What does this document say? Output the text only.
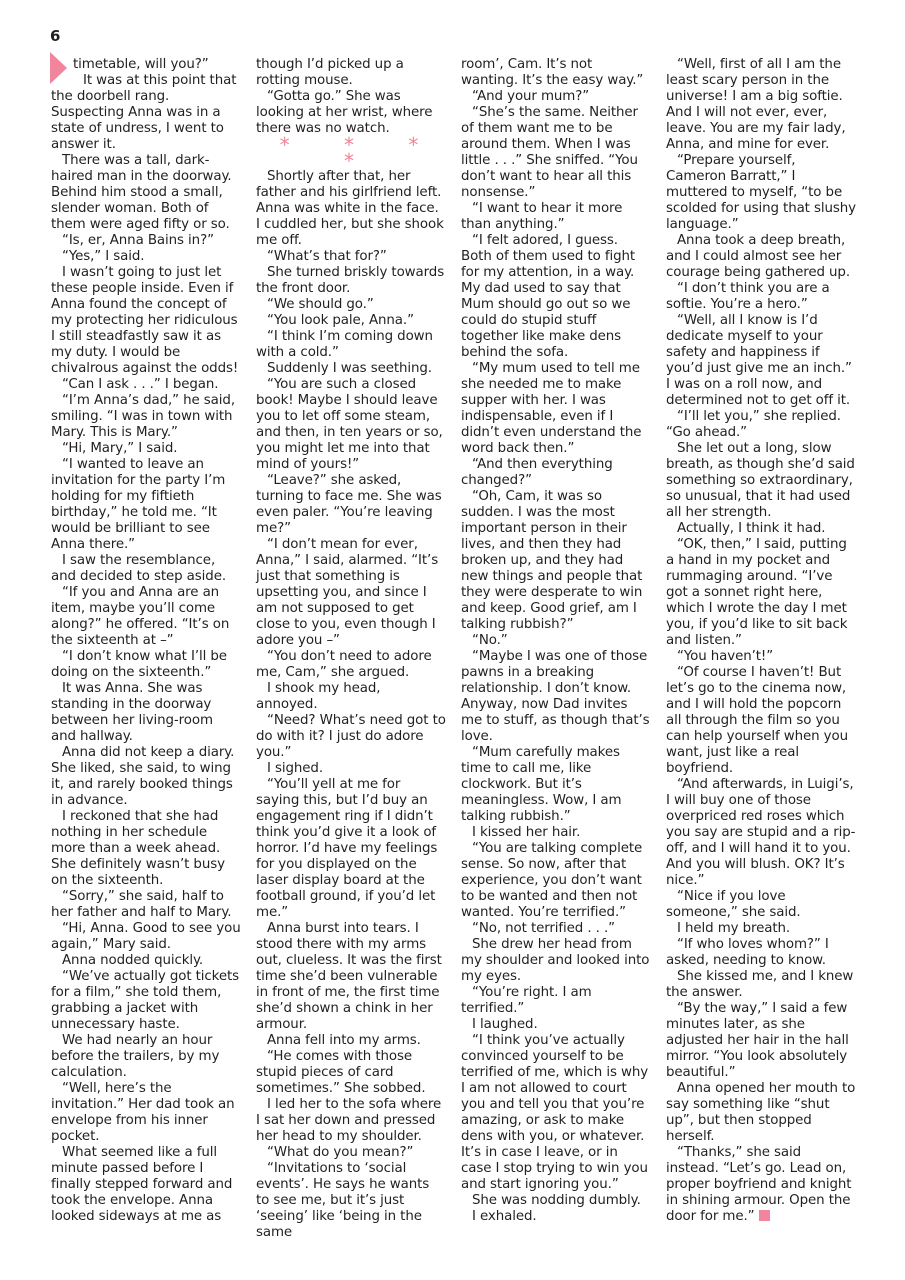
6

timetable, will you?”

It was at this point that

the doorbell rang. Suspecting Anna was in a state of undress, I went to answer it.

There was a tall, dark-haired man in the doorway. Behind him stood a small, slender woman. Both of them were aged fifty or so.

“Is, er, Anna Bains in?”

“Yes,” I said.

I wasn’t going to just let these people inside. Even if Anna found the concept of my protecting her ridiculous I still steadfastly saw it as my duty. I would be chivalrous against the odds!

“Can I ask . . .” I began.

“I’m Anna’s dad,” he said, smiling. “I was in town with Mary. This is Mary.”

“Hi, Mary,” I said.

“I wanted to leave an invitation for the party I’m holding for my fiftieth birthday,” he told me. “It would be brilliant to see Anna there.”

I saw the resemblance, and decided to step aside.

“If you and Anna are an item, maybe you’ll come along?” he offered. “It’s on the sixteenth at –”

“I don’t know what I’ll be doing on the sixteenth.”

It was Anna. She was standing in the doorway between her living-room and hallway.

Anna did not keep a diary. She liked, she said, to wing it, and rarely booked things in advance.

I reckoned that she had nothing in her schedule more than a week ahead. She definitely wasn’t busy on the sixteenth.

“Sorry,” she said, half to her father and half to Mary.

“Hi, Anna. Good to see you again,” Mary said.

Anna nodded quickly.

“We’ve actually got tickets for a film,” she told them, grabbing a jacket with unnecessary haste.

We had nearly an hour before the trailers, by my calculation.

“Well, here’s the invitation.” Her dad took an envelope from his inner pocket.

What seemed like a full minute passed before I finally stepped forward and took the envelope. Anna looked sideways at me as

though I’d picked up a rotting mouse.

“Gotta go.” She was looking at her wrist, where there was no watch.

* * * *

Shortly after that, her father and his girlfriend left. Anna was white in the face. I cuddled her, but she shook me off.

“What’s that for?”

She turned briskly towards the front door.

“We should go.”

“You look pale, Anna.”

“I think I’m coming down with a cold.”

Suddenly I was seething.

“You are such a closed book! Maybe I should leave you to let off some steam, and then, in ten years or so, you might let me into that mind of yours!”

“Leave?” she asked, turning to face me. She was even paler. “You’re leaving me?”

“I don’t mean for ever, Anna,” I said, alarmed. “It’s just that something is upsetting you, and since I am not supposed to get close to you, even though I adore you –”

“You don’t need to adore me, Cam,” she argued.

I shook my head, annoyed.

“Need? What’s need got to do with it? I just do adore you.”

I sighed.

“You’ll yell at me for saying this, but I’d buy an engagement ring if I didn’t think you’d give it a look of horror. I’d have my feelings for you displayed on the laser display board at the football ground, if you’d let me.”

Anna burst into tears. I stood there with my arms out, clueless. It was the first time she’d been vulnerable in front of me, the first time she’d shown a chink in her armour.

Anna fell into my arms.

“He comes with those stupid pieces of card sometimes.” She sobbed.

I led her to the sofa where I sat her down and pressed her head to my shoulder.

“What do you mean?”

“Invitations to ‘social events’. He says he wants to see me, but it’s just ‘seeing’ like ‘being in the same

room’, Cam. It’s not wanting. It’s the easy way.”

“And your mum?”

“She’s the same. Neither of them want me to be around them. When I was little . . .” She sniffed. “You don’t want to hear all this nonsense.”

“I want to hear it more than anything.”

“I felt adored, I guess. Both of them used to fight for my attention, in a way. My dad used to say that Mum should go out so we could do stupid stuff together like make dens behind the sofa.

“My mum used to tell me she needed me to make supper with her. I was indispensable, even if I didn’t even understand the word back then.”

“And then everything changed?”

“Oh, Cam, it was so sudden. I was the most important person in their lives, and then they had broken up, and they had new things and people that they were desperate to win and keep. Good grief, am I talking rubbish?”

“No.”

“Maybe I was one of those pawns in a breaking relationship. I don’t know. Anyway, now Dad invites me to stuff, as though that’s love.

“Mum carefully makes time to call me, like clockwork. But it’s meaningless. Wow, I am talking rubbish.”

I kissed her hair.

“You are talking complete sense. So now, after that experience, you don’t want to be wanted and then not wanted. You’re terrified.”

“No, not terrified . . .”

She drew her head from my shoulder and looked into my eyes.

“You’re right. I am terrified.”

I laughed.

“I think you’ve actually convinced yourself to be terrified of me, which is why I am not allowed to court you and tell you that you’re amazing, or ask to make dens with you, or whatever. It’s in case I leave, or in case I stop trying to win you and start ignoring you.”

She was nodding dumbly.

I exhaled.

“Well, first of all I am the least scary person in the universe! I am a big softie. And I will not ever, ever, leave. You are my fair lady, Anna, and mine for ever.

“Prepare yourself, Cameron Barratt,” I muttered to myself, “to be scolded for using that slushy language.”

Anna took a deep breath, and I could almost see her courage being gathered up.

“I don’t think you are a softie. You’re a hero.”

“Well, all I know is I’d dedicate myself to your safety and happiness if you’d just give me an inch.” I was on a roll now, and determined not to get off it.

“I’ll let you,” she replied. “Go ahead.”

She let out a long, slow breath, as though she’d said something so extraordinary, so unusual, that it had used all her strength.

Actually, I think it had.

“OK, then,” I said, putting a hand in my pocket and rummaging around. “I’ve got a sonnet right here, which I wrote the day I met you, if you’d like to sit back and listen.”

“You haven’t!”

“Of course I haven’t! But let’s go to the cinema now, and I will hold the popcorn all through the film so you can help yourself when you want, just like a real boyfriend.

“And afterwards, in Luigi’s, I will buy one of those overpriced red roses which you say are stupid and a rip-off, and I will hand it to you. And you will blush. OK? It’s nice.”

“Nice if you love someone,” she said.

I held my breath.

“If who loves whom?” I asked, needing to know.

She kissed me, and I knew the answer.

“By the way,” I said a few minutes later, as she adjusted her hair in the hall mirror. “You look absolutely beautiful.”

Anna opened her mouth to say something like “shut up”, but then stopped herself.

“Thanks,” she said instead. “Let’s go. Lead on, proper boyfriend and knight in shining armour. Open the door for me.”
